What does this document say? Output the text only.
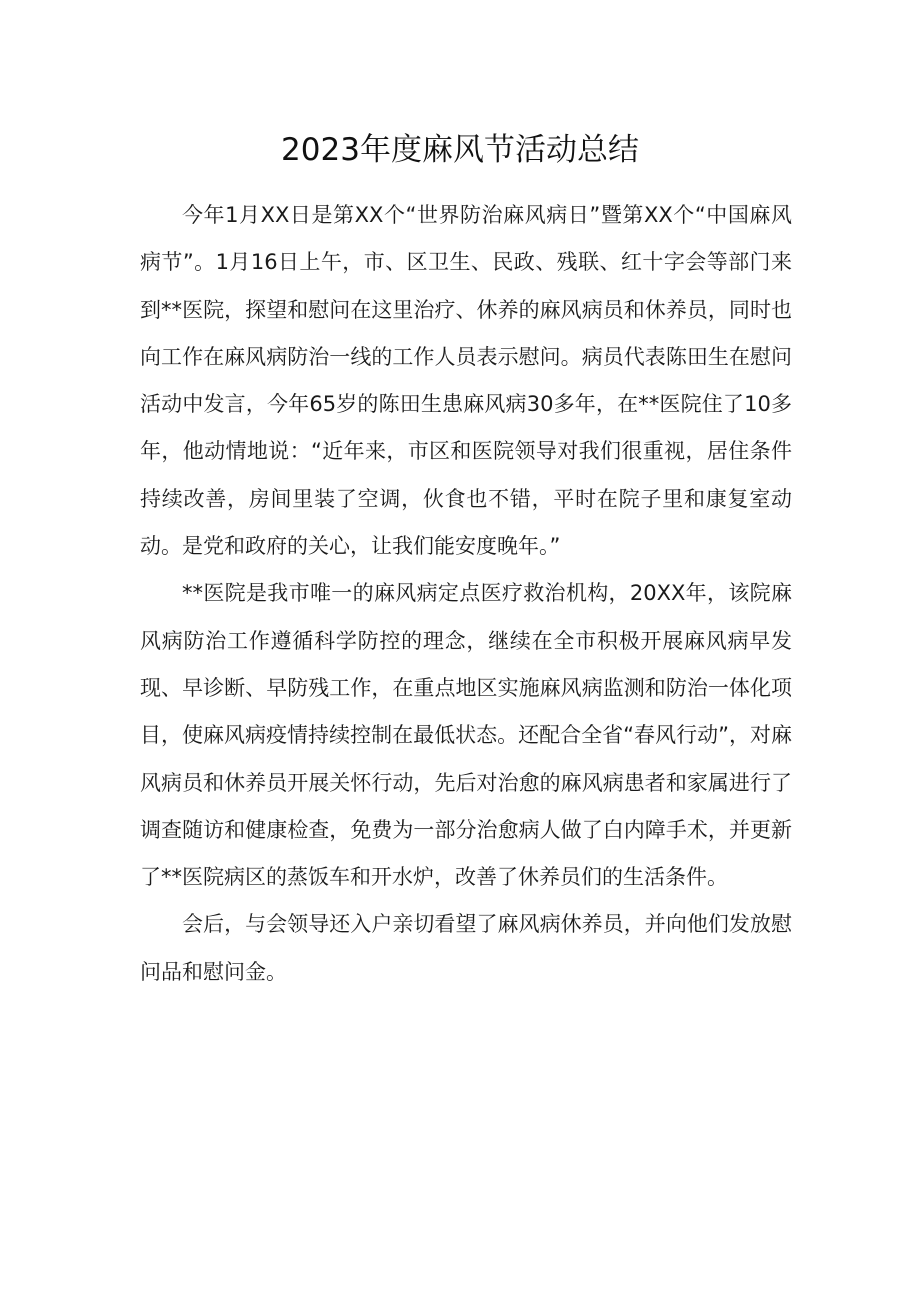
2023年度麻风节活动总结

今年1月XX日是第XX个“世界防治麻风病日”暨第XX个“中国麻风病节”。1月16日上午，市、区卫生、民政、残联、红十字会等部门来到**医院，探望和慰问在这里治疗、休养的麻风病员和休养员，同时也向工作在麻风病防治一线的工作人员表示慰问。病员代表陈田生在慰问活动中发言，今年65岁的陈田生患麻风病30多年，在**医院住了10多年，他动情地说：“近年来，市区和医院领导对我们很重视，居住条件持续改善，房间里装了空调，伙食也不错，平时在院子里和康复室动动。是党和政府的关心，让我们能安度晚年。”

**医院是我市唯一的麻风病定点医疗救治机构，20XX年，该院麻风病防治工作遵循科学防控的理念，继续在全市积极开展麻风病早发现、早诊断、早防残工作，在重点地区实施麻风病监测和防治一体化项目，使麻风病疫情持续控制在最低状态。还配合全省“春风行动”，对麻风病员和休养员开展关怀行动，先后对治愈的麻风病患者和家属进行了调查随访和健康检查，免费为一部分治愈病人做了白内障手术，并更新了**医院病区的蒸饭车和开水炉，改善了休养员们的生活条件。

会后，与会领导还入户亲切看望了麻风病休养员，并向他们发放慰问品和慰问金。
